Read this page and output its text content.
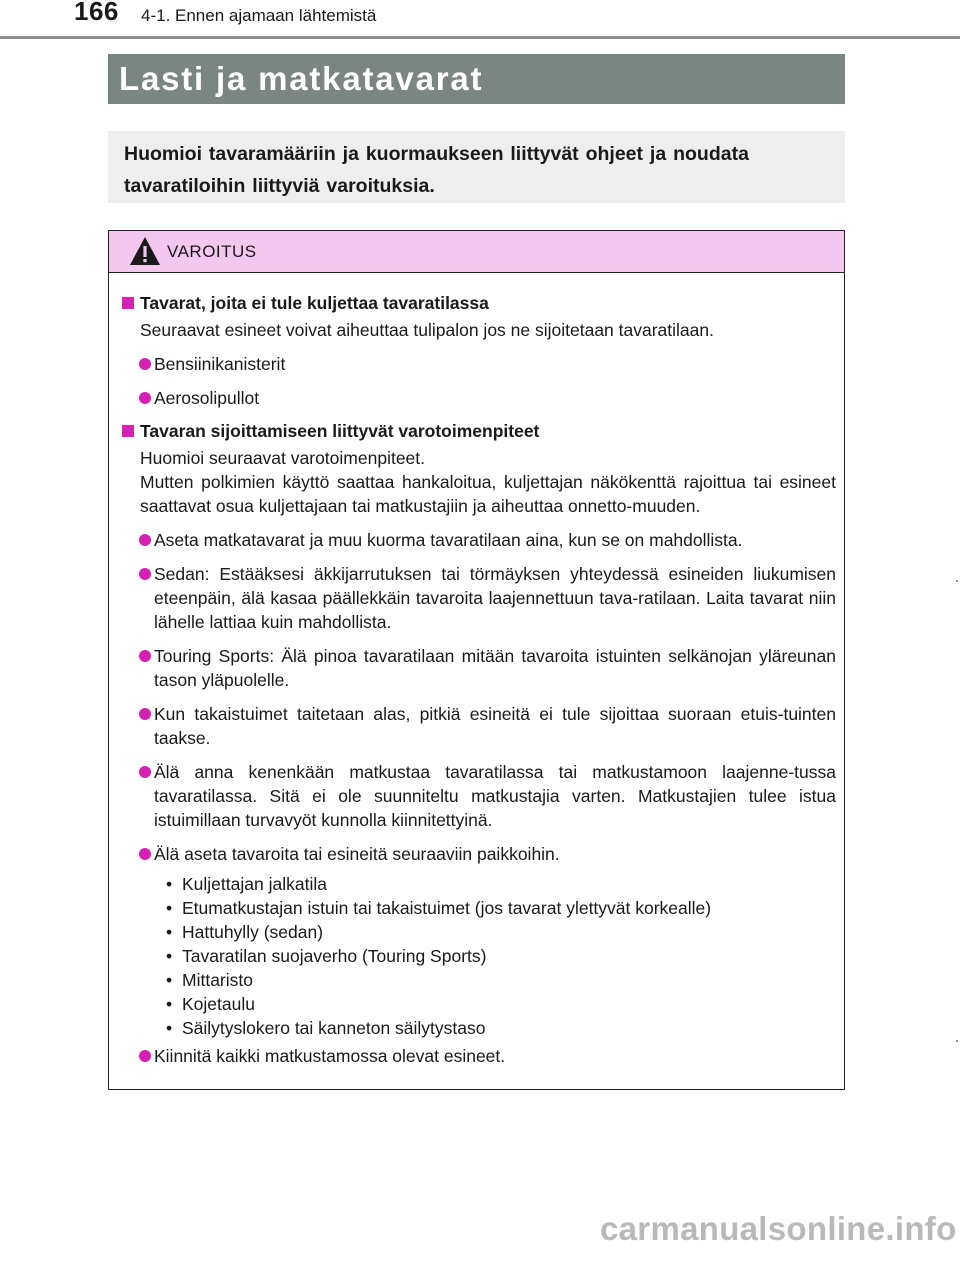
166 4-1. Ennen ajamaan lähtemistä
Lasti ja matkatavarat

Huomioi tavaramääriin ja kuormaukseen liittyvät ohjeet ja noudata tavaratiloihin liittyviä varoituksia.

VAROITUS
Tavarat, joita ei tule kuljettaa tavaratilassa
Seuraavat esineet voivat aiheuttaa tulipalon jos ne sijoitetaan tavaratilaan.
Bensiinikanisterit
Aerosolipullot
Tavaran sijoittamiseen liittyvät varotoimenpiteet
Huomioi seuraavat varotoimenpiteet.
Mutten polkimien käyttö saattaa hankaloitua, kuljettajan näkökenttä rajoittua tai esineet saattavat osua kuljettajaan tai matkustajiin ja aiheuttaa onnetto-muuden.
Aseta matkatavarat ja muu kuorma tavaratilaan aina, kun se on mahdollista.
Sedan: Estääksesi äkkijarrutuksen tai törmäyksen yhteydessä esineiden liukumisen eteenpäin, älä kasaa päällekkäin tavaroita laajennettuun tava-ratilaan. Laita tavarat niin lähelle lattiaa kuin mahdollista.
Touring Sports: Älä pinoa tavaratilaan mitään tavaroita istuinten selkänojan yläreunan tason yläpuolelle.
Kun takaistuimet taitetaan alas, pitkiä esineitä ei tule sijoittaa suoraan etuis-tuinten taakse.
Älä anna kenenkään matkustaa tavaratilassa tai matkustamoon laajenne-tussa tavaratilassa. Sitä ei ole suunniteltu matkustajia varten. Matkustajien tulee istua istuimillaan turvavyöt kunnolla kiinnitettyinä.
Älä aseta tavaroita tai esineitä seuraaviin paikkoihin.
• Kuljettajan jalkatila
• Etumatkustajan istuin tai takaistuimet (jos tavarat ylettyvät korkealle)
• Hattuhylly (sedan)
• Tavaratilan suojaverho (Touring Sports)
• Mittaristo
• Kojetaulu
• Säilytyslokero tai kanneton säilytystaso
Kiinnitä kaikki matkustamossa olevat esineet.
carmanualsonline.info
